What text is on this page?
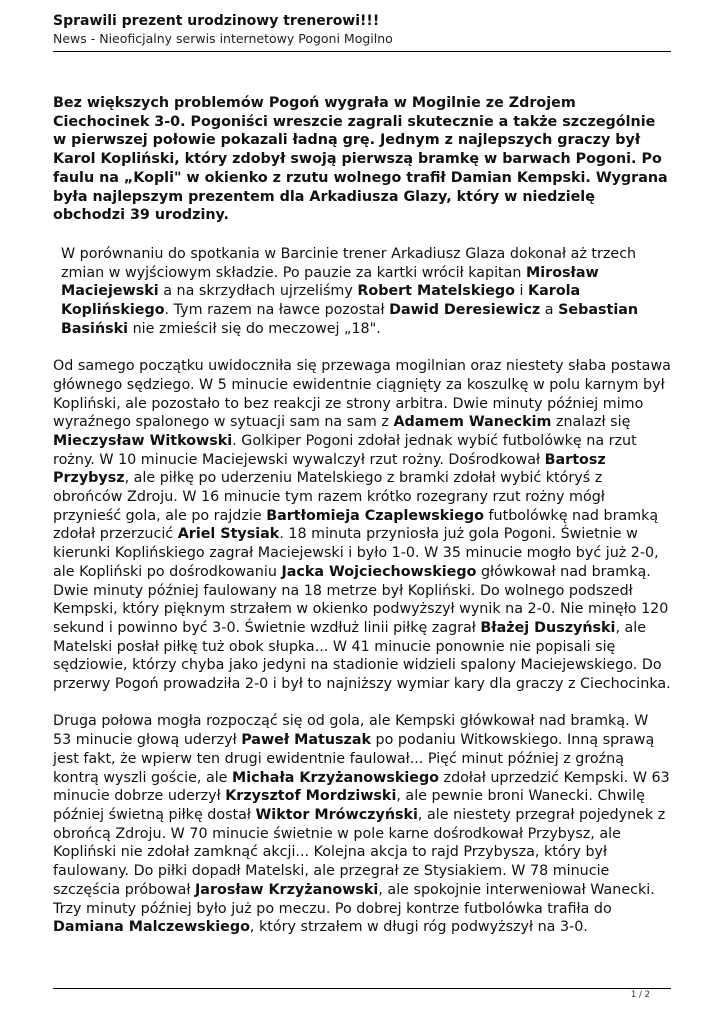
Sprawili prezent urodzinowy trenerowi!!!

News - Nieoficjalny serwis internetowy Pogoni Mogilno

Bez większych problemów Pogoń wygrała w Mogilnie ze Zdrojem Ciechocinek 3-0. Pogoniści wreszcie zagrali skutecznie a także szczególnie w pierwszej połowie pokazali ładną grę. Jednym z najlepszych graczy był Karol Kopliński, który zdobył swoją pierwszą bramkę w barwach Pogoni. Po faulu na „Kopli" w okienko z rzutu wolnego trafił Damian Kempski. Wygrana była najlepszym prezentem dla Arkadiusza Glazy, który w niedzielę obchodzi 39 urodziny.

W porównaniu do spotkania w Barcinie trener Arkadiusz Glaza dokonał aż trzech zmian w wyjściowym składzie. Po pauzie za kartki wrócił kapitan Mirosław Maciejewski a na skrzydłach ujrzeliśmy Robert Matelskiego i Karola Koplińskiego. Tym razem na ławce pozostał Dawid Deresiewicz a Sebastian Basiński nie zmieścił się do meczowej „18".

Od samego początku uwidoczniła się przewaga mogilnian oraz niestety słaba postawa głównego sędziego. W 5 minucie ewidentnie ciągnięty za koszulkę w polu karnym był Kopliński, ale pozostało to bez reakcji ze strony arbitra. Dwie minuty później mimo wyraźnego spalonego w sytuacji sam na sam z Adamem Waneckim znalazł się Mieczysław Witkowski. Golkiper Pogoni zdołał jednak wybić futbolówkę na rzut rożny. W 10 minucie Maciejewski wywalczył rzut rożny. Dośrodkował Bartosz Przybysz, ale piłkę po uderzeniu Matelskiego z bramki zdołał wybić któryś z obrońców Zdroju. W 16 minucie tym razem krótko rozegrany rzut rożny mógł przynieść gola, ale po rajdzie Bartłomieja Czaplewskiego futbolówkę nad bramką zdołał przerzucić Ariel Stysiak. 18 minuta przyniosła już gola Pogoni. Świetnie w kierunki Koplińskiego zagrał Maciejewski i było 1-0. W 35 minucie mogło być już 2-0, ale Kopliński po dośrodkowaniu Jacka Wojciechowskiego główkował nad bramką. Dwie minuty później faulowany na 18 metrze był Kopliński. Do wolnego podszedł Kempski, który pięknym strzałem w okienko podwyższył wynik na 2-0. Nie minęło 120 sekund i powinno być 3-0. Świetnie wzdłuż linii piłkę zagrał Błażej Duszyński, ale Matelski posłał piłkę tuż obok słupka... W 41 minucie ponownie nie popisali się sędziowie, którzy chyba jako jedyni na stadionie widzieli spalony Maciejewskiego. Do przerwy Pogoń prowadziła 2-0 i był to najniższy wymiar kary dla graczy z Ciechocinka.

Druga połowa mogła rozpocząć się od gola, ale Kempski główkował nad bramką. W 53 minucie głową uderzył Paweł Matuszak po podaniu Witkowskiego. Inną sprawą jest fakt, że wpierw ten drugi ewidentnie faulował... Pięć minut później z groźną kontrą wyszli goście, ale Michała Krzyżanowskiego zdołał uprzedzić Kempski. W 63 minucie dobrze uderzył Krzysztof Mordziwski, ale pewnie broni Wanecki. Chwilę później świetną piłkę dostał Wiktor Mrówczyński, ale niestety przegrał pojedynek z obrońcą Zdroju. W 70 minucie świetnie w pole karne dośrodkował Przybysz, ale Kopliński nie zdołał zamknąć akcji... Kolejna akcja to rajd Przybysza, który był faulowany. Do piłki dopadł Matelski, ale przegrał ze Stysiakiem. W 78 minucie szczęścia próbował Jarosław Krzyżanowski, ale spokojnie interweniował Wanecki. Trzy minuty później było już po meczu. Po dobrej kontrze futbolówka trafiła do Damiana Malczewskiego, który strzałem w długi róg podwyższył na 3-0.

1 / 2
